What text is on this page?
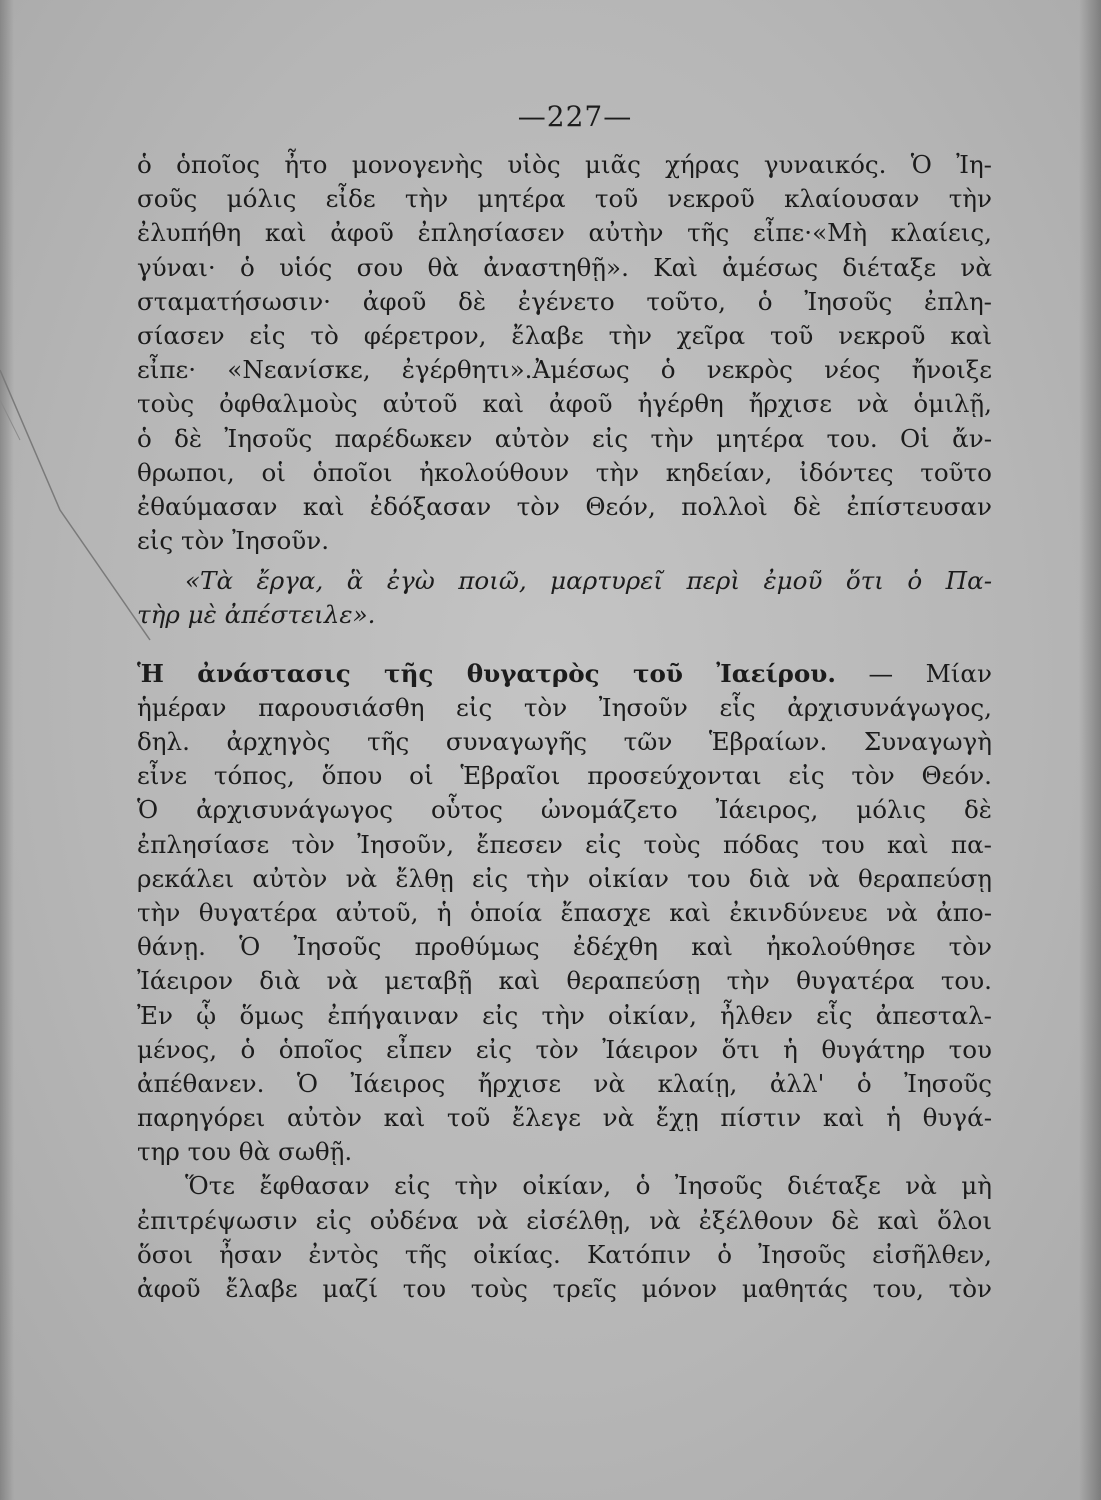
—227—
ὁ ὁποῖος ἦτο μονογενὴς υἱὸς μιᾶς χήρας γυναικός. Ὁ Ἰη-
σοῦς μόλις εἶδε τὴν μητέρα τοῦ νεκροῦ κλαίουσαν τὴν
ἐλυπήθη καὶ ἀφοῦ ἐπλησίασεν αὐτὴν τῆς εἶπε·«Μὴ κλαίεις,
γύναι· ὁ υἱός σου θὰ ἀναστηθῇ». Καὶ ἀμέσως διέταξε νὰ
σταματήσωσιν· ἀφοῦ δὲ ἐγένετο τοῦτο, ὁ Ἰησοῦς ἐπλη-
σίασεν εἰς τὸ φέρετρον, ἔλαβε τὴν χεῖρα τοῦ νεκροῦ καὶ
εἶπε· «Νεανίσκε, ἐγέρθητι».Ἀμέσως ὁ νεκρὸς νέος ἤνοιξε
τοὺς ὀφθαλμοὺς αὐτοῦ καὶ ἀφοῦ ἠγέρθη ἤρχισε νὰ ὁμιλῇ,
ὁ δὲ Ἰησοῦς παρέδωκεν αὐτὸν εἰς τὴν μητέρα του. Οἱ ἄν-
θρωποι, οἱ ὁποῖοι ἠκολούθουν τὴν κηδείαν, ἰδόντες τοῦτο
ἐθαύμασαν καὶ ἐδόξασαν τὸν Θεόν, πολλοὶ δὲ ἐπίστευσαν
εἰς τὸν Ἰησοῦν.
«Τὰ ἔργα, ἃ ἐγὼ ποιῶ, μαρτυρεῖ περὶ ἐμοῦ ὅτι ὁ Πα-
τὴρ μὲ ἀπέστειλε».
Ἡ ἀνάστασις τῆς θυγατρὸς τοῦ Ἰαείρου. — Μίαν
ἡμέραν παρουσιάσθη εἰς τὸν Ἰησοῦν εἷς ἀρχισυνάγωγος,
δηλ. ἀρχηγὸς τῆς συναγωγῆς τῶν Ἑβραίων. Συναγωγὴ
εἶνε τόπος, ὅπου οἱ Ἑβραῖοι προσεύχονται εἰς τὸν Θεόν.
Ὁ ἀρχισυνάγωγος οὗτος ὠνομάζετο Ἰάειρος, μόλις δὲ
ἐπλησίασε τὸν Ἰησοῦν, ἔπεσεν εἰς τοὺς πόδας του καὶ πα-
ρεκάλει αὐτὸν νὰ ἔλθῃ εἰς τὴν οἰκίαν του διὰ νὰ θεραπεύσῃ
τὴν θυγατέρα αὐτοῦ, ἡ ὁποία ἔπασχε καὶ ἐκινδύνευε νὰ ἀπο-
θάνῃ. Ὁ Ἰησοῦς προθύμως ἐδέχθη καὶ ἠκολούθησε τὸν
Ἰάειρον διὰ νὰ μεταβῇ καὶ θεραπεύσῃ τὴν θυγατέρα του.
Ἐν ᾧ ὅμως ἐπήγαιναν εἰς τὴν οἰκίαν, ἦλθεν εἷς ἀπεσταλ-
μένος, ὁ ὁποῖος εἶπεν εἰς τὸν Ἰάειρον ὅτι ἡ θυγάτηρ του
ἀπέθανεν. Ὁ Ἰάειρος ἤρχισε νὰ κλαίῃ, ἀλλ' ὁ Ἰησοῦς
παρηγόρει αὐτὸν καὶ τοῦ ἔλεγε νὰ ἔχῃ πίστιν καὶ ἡ θυγά-
τηρ του θὰ σωθῇ.
Ὅτε ἔφθασαν εἰς τὴν οἰκίαν, ὁ Ἰησοῦς διέταξε νὰ μὴ
ἐπιτρέψωσιν εἰς οὐδένα νὰ εἰσέλθῃ, νὰ ἐξέλθουν δὲ καὶ ὅλοι
ὅσοι ἦσαν ἐντὸς τῆς οἰκίας. Κατόπιν ὁ Ἰησοῦς εἰσῆλθεν,
ἀφοῦ ἔλαβε μαζί του τοὺς τρεῖς μόνον μαθητάς του, τὸν
